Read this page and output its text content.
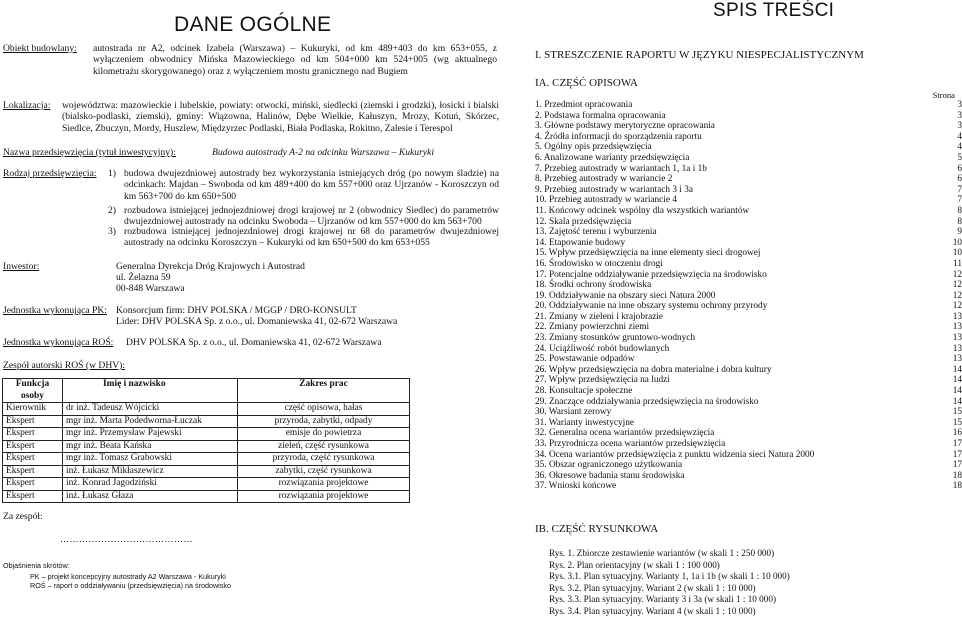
DANE OGÓLNE
Obiekt budowlany: autostrada nr A2, odcinek Izabela (Warszawa) – Kukuryki, od km 489+403 do km 653+055, z wyłączeniem obwodnicy Mińska Mazowieckiego od km 504+000 km 524+005 (wg aktualnego kilometrażu skorygowanego) oraz z wyłączeniem mostu granicznego nad Bugiem
Lokalizacja: województwa: mazowieckie i lubelskie, powiaty: otwocki, miński, siedlecki (ziemski i grodzki), łosicki i bialski (bialsko-podlaski, ziemski), gminy: Wiązowna, Halinów, Dębe Wielkie, Kałuszyn, Mrozy, Kotuń, Skórzec, Siedlce, Zbuczyn, Mordy, Huszlew, Międzyrzec Podlaski, Biała Podlaska, Rokitno, Zalesie i Terespol
Nazwa przedsięwzięcia (tytuł inwestycyjny):	Budowa autostrady A-2 na odcinku Warszawa – Kukuryki
Rodzaj przedsięwzięcia: 1) budowa dwujezdniowej autostrady bez wykorzystania istniejących dróg (po nowym śladzie) na odcinkach: Majdan – Swoboda od km 489+400 do km 557+000 oraz Ujrzanów - Koroszczyn od km 563+700 do km 650+500
2) rozbudowa istniejącej jednojezdniowej drogi krajowej nr 2 (obwodnicy Siedlec) do parametrów dwujezdniowej autostrady na odcinku Swoboda – Ujrzanów od km 557+000 do km 563+700
3) rozbudowa istniejącej jednojezdniowej drogi krajowej nr 68 do parametrów dwujezdniowej autostrady na odcinku Koroszczyn – Kukuryki od km 650+500 do km 653+055
Inwestor:	Generalna Dyrekcja Dróg Krajowych i Autostrad
ul. Żelazna 59
00-848 Warszawa
Jednostka wykonująca PK: Konsorcjum firm: DHV POLSKA / MGGP / DRO-KONSULT
Lider: DHV POLSKA Sp. z o.o., ul. Domaniewska 41, 02-672 Warszawa
Jednostka wykonująca ROŚ: DHV POLSKA Sp. z o.o., ul. Domaniewska 41, 02-672 Warszawa
Zespół autorski ROŚ (w DHV):
Funkcja osoby	Imię i nazwisko	Zakres prac
Kierownik	dr inż. Tadeusz Wójcicki	część opisowa, hałas
Ekspert	mgr inż. Marta Podedworna-Łuczak	przyroda, zabytki, odpady
Ekspert	mgr inż. Przemysław Pajewski	emisje do powietrza
Ekspert	mgr inż. Beata Kańska	zieleń, część rysunkowa
Ekspert	mgr inż. Tomasz Grabowski	przyroda, część rysunkowa
Ekspert	inż. Łukasz Mikłaszewicz	zabytki, część rysunkowa
Ekspert	inż. Konrad Jagodziński	rozwiązania projektowe
Ekspert	inż. Łukasz Głaza	rozwiązania projektowe
Za zespół:
……………………………………
Objaśnienia skrótów:
PK – projekt koncepcyjny autostrady A2 Warszawa - Kukuryki
ROŚ – raport o oddziaływaniu (przedsięwzięcia) na środowisko
SPIS TREŚCI
I. STRESZCZENIE RAPORTU W JĘZYKU NIESPECJALISTYCZNYM
IA. CZĘŚĆ OPISOWA
Strona
1. Przedmiot opracowania	3
2. Podstawa formalna opracowania	3
3. Główne podstawy merytoryczne opracowania	3
4. Źródła informacji do sporządzenia raportu	4
5. Ogólny opis przedsięwzięcia	4
6. Analizowane warianty przedsięwzięcia	5
7. Przebieg autostrady w wariantach 1, 1a i 1b	6
8. Przebieg autostrady w wariancie 2	6
9. Przebieg autostrady w wariantach 3 i 3a	7
10. Przebieg autostrady w wariancie 4	7
11. Końcowy odcinek wspólny dla wszystkich wariantów	8
12. Skala przedsięwzięcia	8
13. Zajętość terenu i wyburzenia	9
14. Etapowanie budowy	10
15. Wpływ przedsięwzięcia na inne elementy sieci drogowej	10
16. Środowisko w otoczeniu drogi	11
17. Potencjalne oddziaływanie przedsięwzięcia na środowisko	12
18. Środki ochrony środowiska	12
19. Oddziaływanie na obszary sieci Natura 2000	12
20. Oddziaływanie na inne obszary systemu ochrony przyrody	12
21. Zmiany w zieleni i krajobrazie	13
22. Zmiany powierzchni ziemi	13
23. Zmiany stosunków gruntowo-wodnych	13
24. Uciążliwość robót budowlanych	13
25. Powstawanie odpadów	13
26. Wpływ przedsięwzięcia na dobra materialne i dobra kultury	14
27. Wpływ przedsięwzięcia na ludzi	14
28. Konsultacje społeczne	14
29. Znaczące oddziaływania przedsięwzięcia na środowisko	14
30. Warsiant zerowy	15
31. Warianty inwestycyjne	15
32. Generalna ocena wariantów przedsięwzięcia	16
33. Przyrodnicza ocena wariantów przedsięwzięcia	17
34. Ocena wariantów przedsięwzięcia z punktu widzenia sieci Natura 2000	17
35. Obszar ograniczonego użytkowania	17
36. Okresowe badania stanu środowiska	18
37. Wnioski końcowe	18
IB. CZĘŚĆ RYSUNKOWA
Rys. 1. Zbiorcze zestawienie wariantów (w skali 1 : 250 000)
Rys. 2. Plan orientacyjny (w skali 1 : 100 000)
Rys. 3.1. Plan sytuacyjny. Warianty 1, 1a i 1b (w skali 1 : 10 000)
Rys. 3.2. Plan sytuacyjny. Wariant 2 (w skali 1 : 10 000)
Rys. 3.3. Plan sytuacyjny. Warianty 3 i 3a (w skali 1 : 10 000)
Rys. 3.4. Plan sytuacyjny. Wariant 4 (w skali 1 : 10 000)
